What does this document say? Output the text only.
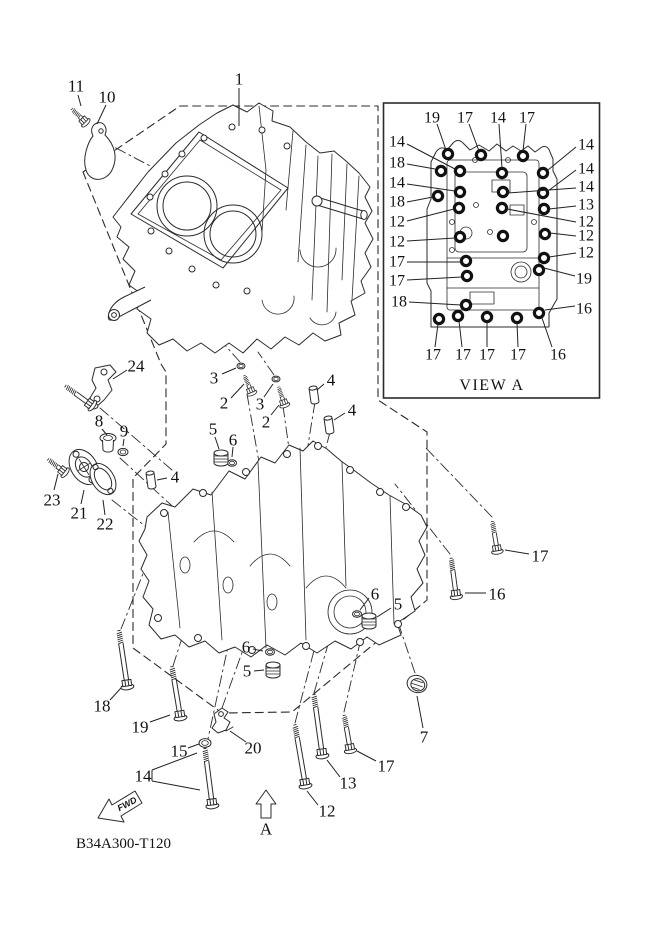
19 17 14 17
14
18
14
18
12
12
17
17
18
14
14
14
13
12
12
12
19
16
17 17 17 17 16
VIEW A
1
11
10
24
8
9
23
21
22
4
3
2 3
2
4
4
5
6
6
5
6
5
7
17
16
18
19
15
14
20
13
12
17
FWD
A
B34A300-T120
